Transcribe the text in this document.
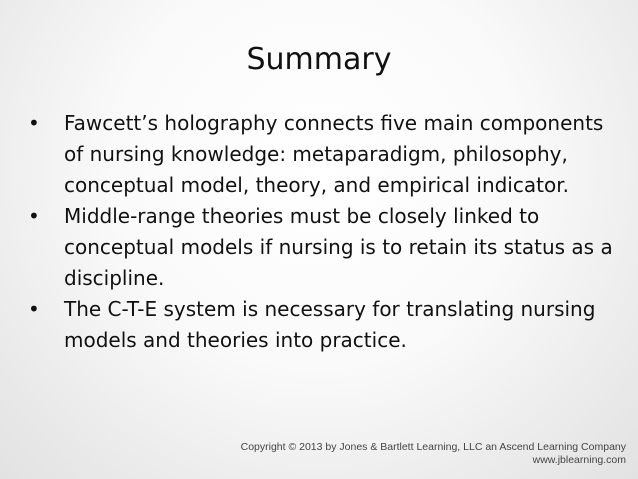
Summary
• Fawcett’s holography connects five main components of nursing knowledge: metaparadigm, philosophy, conceptual model, theory, and empirical indicator.
• Middle-range theories must be closely linked to conceptual models if nursing is to retain its status as a discipline.
• The C-T-E system is necessary for translating nursing models and theories into practice.
Copyright © 2013 by Jones & Bartlett Learning, LLC an Ascend Learning Company
www.jblearning.com
